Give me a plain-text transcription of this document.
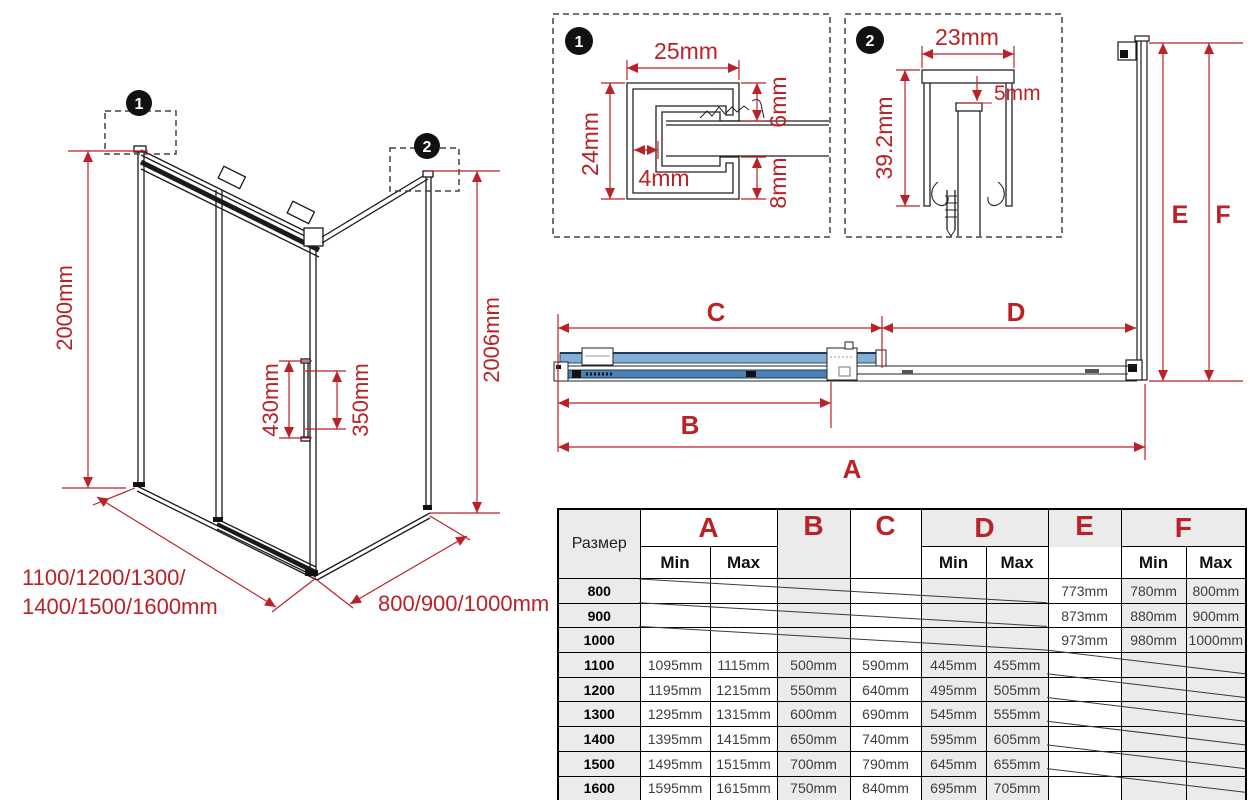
1
2
2000mm	2006mm
430mm	350mm
1100/1200/1300/
1400/1500/1600mm	800/900/1000mm
1	25mm
24mm
4mm
6mm
8mm
2	23mm
5mm
39.2mm
E F
C	D
B
A
Размер	A		B	C	D		E	F	
	Min	Max			Min	Max		Min	Max
800							773mm	780mm	800mm
900							873mm	880mm	900mm
1000							973mm	980mm	1000mm
1100	1095mm	1115mm	500mm	590mm	445mm	455mm			
1200	1195mm	1215mm	550mm	640mm	495mm	505mm			
1300	1295mm	1315mm	600mm	690mm	545mm	555mm			
1400	1395mm	1415mm	650mm	740mm	595mm	605mm			
1500	1495mm	1515mm	700mm	790mm	645mm	655mm			
1600	1595mm	1615mm	750mm	840mm	695mm	705mm			
